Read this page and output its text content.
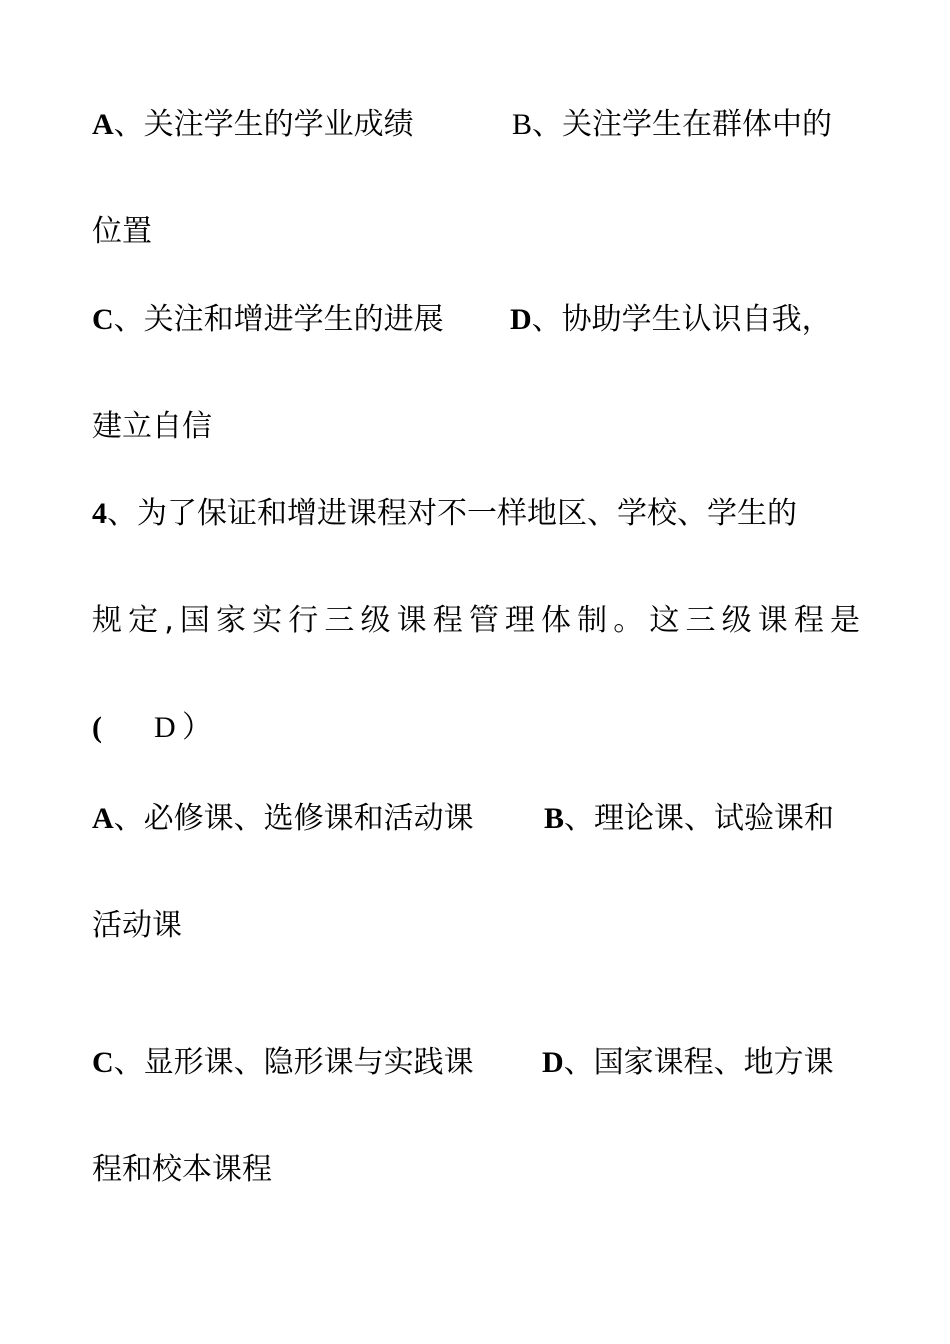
A、关注学生的学业成绩	B、关注学生在群体中的
位置
C、关注和增进学生的进展 D、协助学生认识自我，
建立自信
4、为了保证和增进课程对不一样地区、学校、学生的
规定,国家实行三级课程管理体制。这三级课程是
( D ）
A、必修课、选修课和活动课 B、理论课、试验课和
活动课
C、显形课、隐形课与实践课 D、国家课程、地方课
程和校本课程
